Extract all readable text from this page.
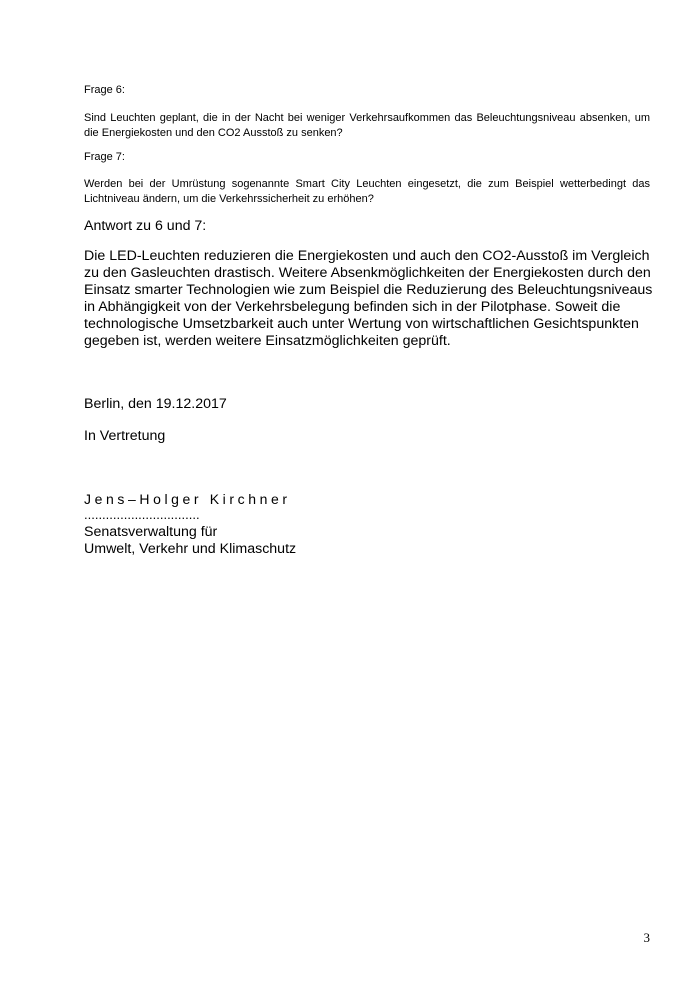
Frage 6:
Sind Leuchten geplant, die in der Nacht bei weniger Verkehrsaufkommen das Beleuchtungsniveau absenken, um die Energiekosten und den CO2 Ausstoß zu senken?
Frage 7:
Werden bei der Umrüstung sogenannte Smart City Leuchten eingesetzt, die zum Beispiel wetterbedingt das Lichtniveau ändern, um die Verkehrssicherheit zu erhöhen?
Antwort zu 6 und 7:
Die LED-Leuchten reduzieren die Energiekosten und auch den CO2-Ausstoß im Vergleich zu den Gasleuchten drastisch. Weitere Absenkmöglichkeiten der Energiekosten durch den Einsatz smarter Technologien wie zum Beispiel die Reduzierung des Beleuchtungsniveaus in Abhängigkeit von der Verkehrsbelegung befinden sich in der Pilotphase. Soweit die technologische Umsetzbarkeit auch unter Wertung von wirtschaftlichen Gesichtspunkten gegeben ist, werden weitere Einsatzmöglichkeiten geprüft.
Berlin, den 19.12.2017
In Vertretung
Jens–Holger Kirchner
................................
Senatsverwaltung für
Umwelt, Verkehr und Klimaschutz
3
